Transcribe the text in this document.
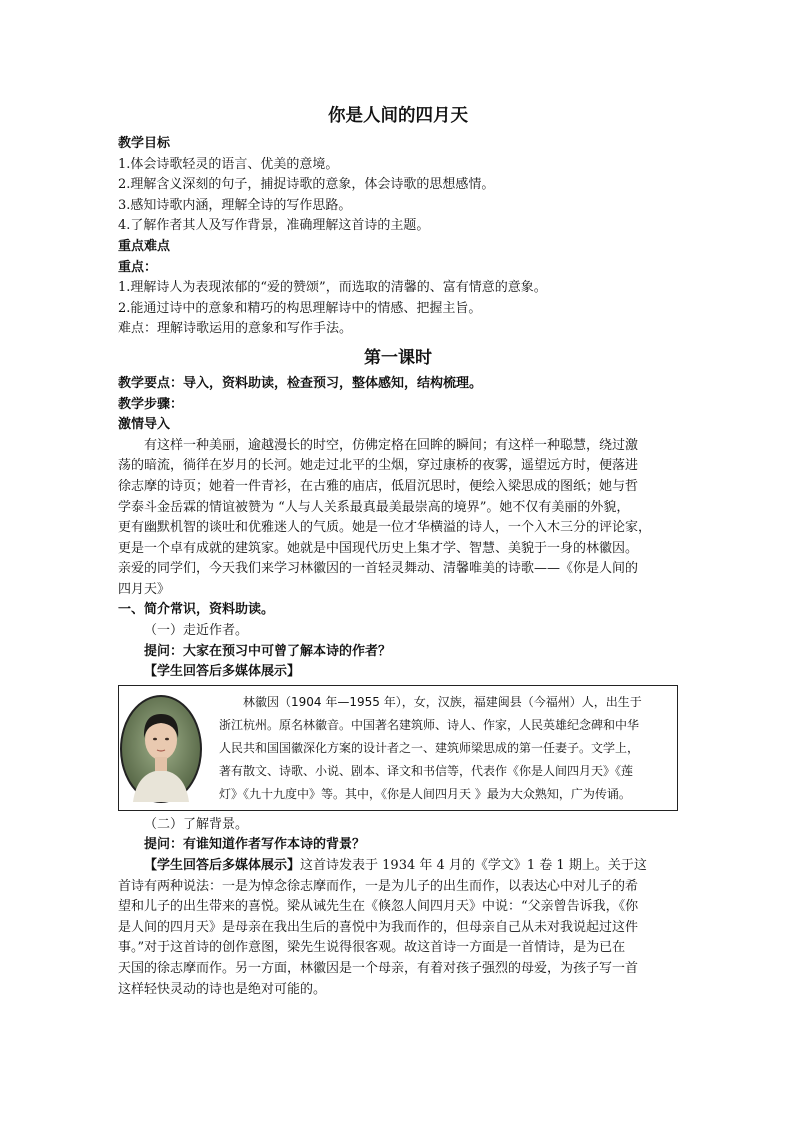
你是人间的四月天
教学目标
1.体会诗歌轻灵的语言、优美的意境。
2.理解含义深刻的句子，捕捉诗歌的意象，体会诗歌的思想感情。
3.感知诗歌内涵，理解全诗的写作思路。
4.了解作者其人及写作背景，准确理解这首诗的主题。
重点难点
重点：
1.理解诗人为表现浓郁的“爱的赞颂”，而选取的清馨的、富有情意的意象。
2.能通过诗中的意象和精巧的构思理解诗中的情感、把握主旨。
难点：理解诗歌运用的意象和写作手法。
第一课时
教学要点：导入，资料助读，检查预习，整体感知，结构梳理。
教学步骤：
激情导入
有这样一种美丽，逾越漫长的时空，仿佛定格在回眸的瞬间；有这样一种聪慧，绕过激
荡的暗流，徜徉在岁月的长河。她走过北平的尘烟，穿过康桥的夜雾，遥望远方时，便落进
徐志摩的诗页；她着一件青衫，在古雅的庙店，低眉沉思时，便绘入梁思成的图纸；她与哲
学泰斗金岳霖的情谊被赞为 “人与人关系最真最美最崇高的境界”。她不仅有美丽的外貌，
更有幽默机智的谈吐和优雅迷人的气质。她是一位才华横溢的诗人，一个入木三分的评论家，
更是一个卓有成就的建筑家。她就是中国现代历史上集才学、智慧、美貌于一身的林徽因。
亲爱的同学们，今天我们来学习林徽因的一首轻灵舞动、清馨唯美的诗歌——《你是人间的
四月天》
一、简介常识，资料助读。
（一）走近作者。
提问：大家在预习中可曾了解本诗的作者？
【学生回答后多媒体展示】
林徽因（1904 年—1955 年），女，汉族，福建闽县（今福州）人，出生于
浙江杭州。原名林徽音。中国著名建筑师、诗人、作家，人民英雄纪念碑和中华
人民共和国国徽深化方案的设计者之一、建筑师梁思成的第一任妻子。文学上，
著有散文、诗歌、小说、剧本、译文和书信等，代表作《你是人间四月天》《莲
灯》《九十九度中》等。其中，《你是人间四月天 》最为大众熟知，广为传诵。
（二）了解背景。
提问：有谁知道作者写作本诗的背景？
【学生回答后多媒体展示】这首诗发表于 1934 年 4 月的《学文》1 卷 1 期上。关于这
首诗有两种说法：一是为悼念徐志摩而作，一是为儿子的出生而作，以表达心中对儿子的希
望和儿子的出生带来的喜悦。梁从诫先生在《倏忽人间四月天》中说：“父亲曾告诉我，《你
是人间的四月天》是母亲在我出生后的喜悦中为我而作的，但母亲自己从未对我说起过这件
事。”对于这首诗的创作意图，梁先生说得很客观。故这首诗一方面是一首情诗，是为已在
天国的徐志摩而作。另一方面，林徽因是一个母亲，有着对孩子强烈的母爱，为孩子写一首
这样轻快灵动的诗也是绝对可能的。
